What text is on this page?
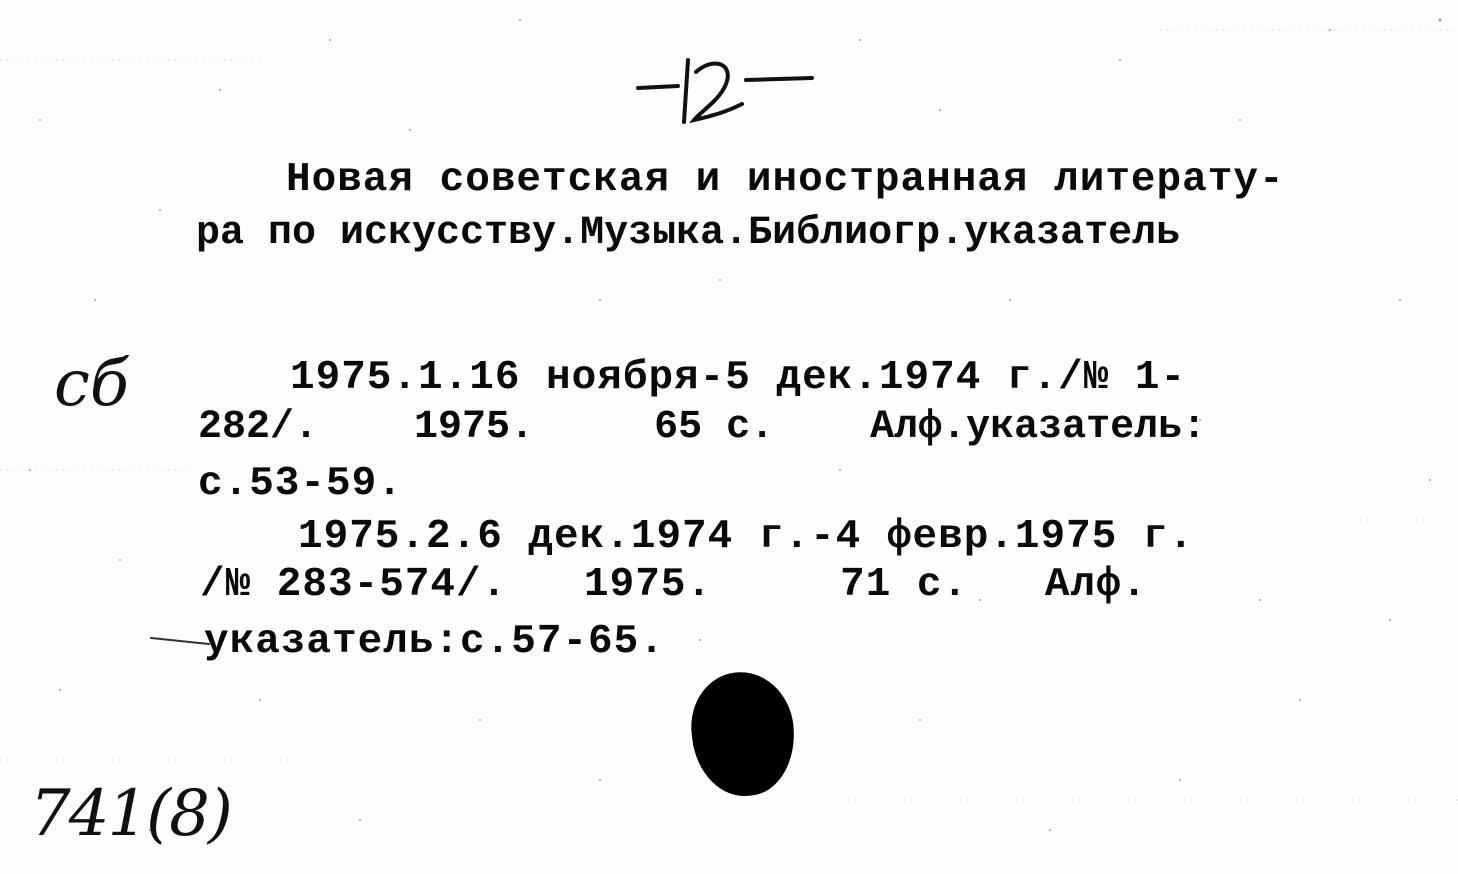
12
Новая советская и иностранная литерату-
ра по искусству.Музыка.Библиогр.указатель
сб	1975.1.16 ноября-5 дек.1974 г./№ 1-
282/.    1975.     65 с.    Алф.указатель:
с.53-59.
1975.2.6 дек.1974 г.-4 февр.1975 г.
/№ 283-574/.   1975.     71 с.   Алф.
указатель:с.57-65.
741(8)
